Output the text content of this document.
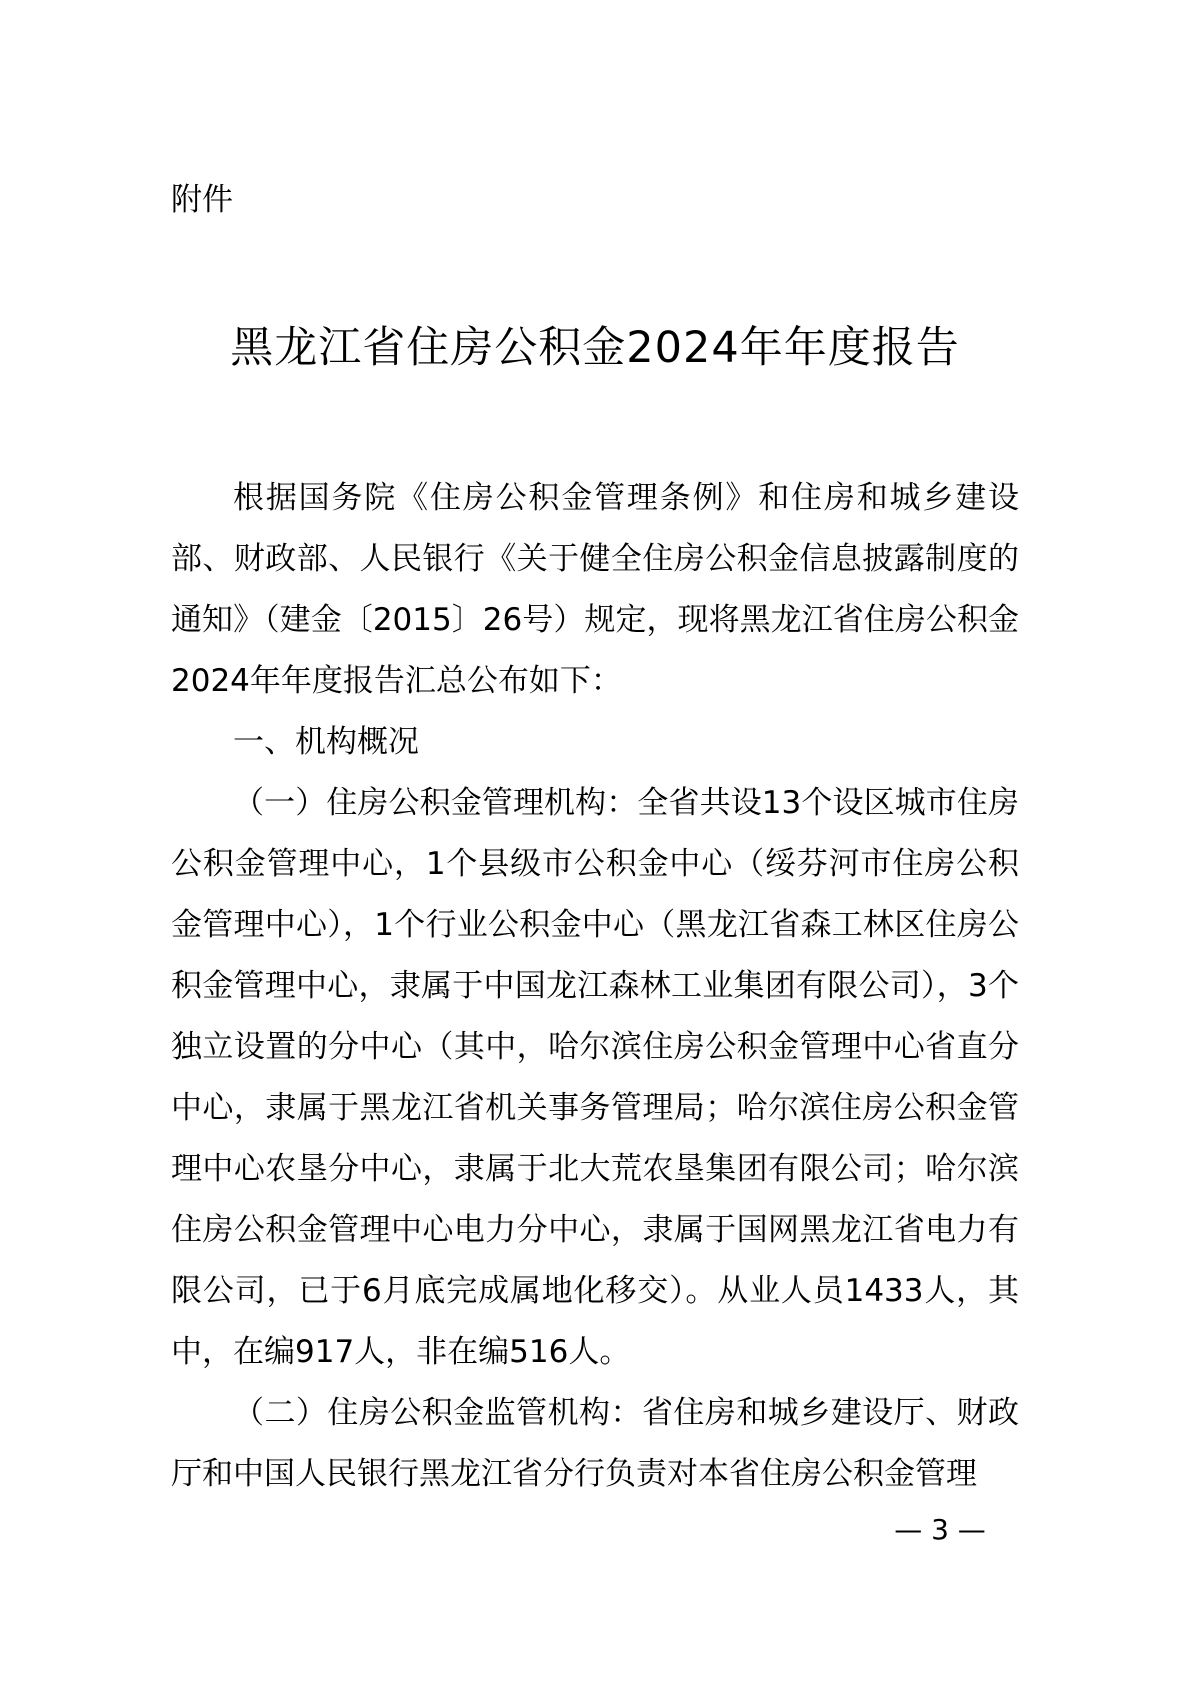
附件
黑龙江省住房公积金2024年年度报告

根据国务院《住房公积金管理条例》和住房和城乡建设部、财政部、人民银行《关于健全住房公积金信息披露制度的通知》（建金〔2015〕26号）规定，现将黑龙江省住房公积金2024年年度报告汇总公布如下：

一、机构概况

（一）住房公积金管理机构：全省共设13个设区城市住房公积金管理中心，1个县级市公积金中心（绥芬河市住房公积金管理中心），1个行业公积金中心（黑龙江省森工林区住房公积金管理中心，隶属于中国龙江森林工业集团有限公司），3个独立设置的分中心（其中，哈尔滨住房公积金管理中心省直分中心，隶属于黑龙江省机关事务管理局；哈尔滨住房公积金管理中心农垦分中心，隶属于北大荒农垦集团有限公司；哈尔滨住房公积金管理中心电力分中心，隶属于国网黑龙江省电力有限公司，已于6月底完成属地化移交）。从业人员1433人，其中，在编917人，非在编516人。

（二）住房公积金监管机构：省住房和城乡建设厅、财政厅和中国人民银行黑龙江省分行负责对本省住房公积金管理

— 3 —
